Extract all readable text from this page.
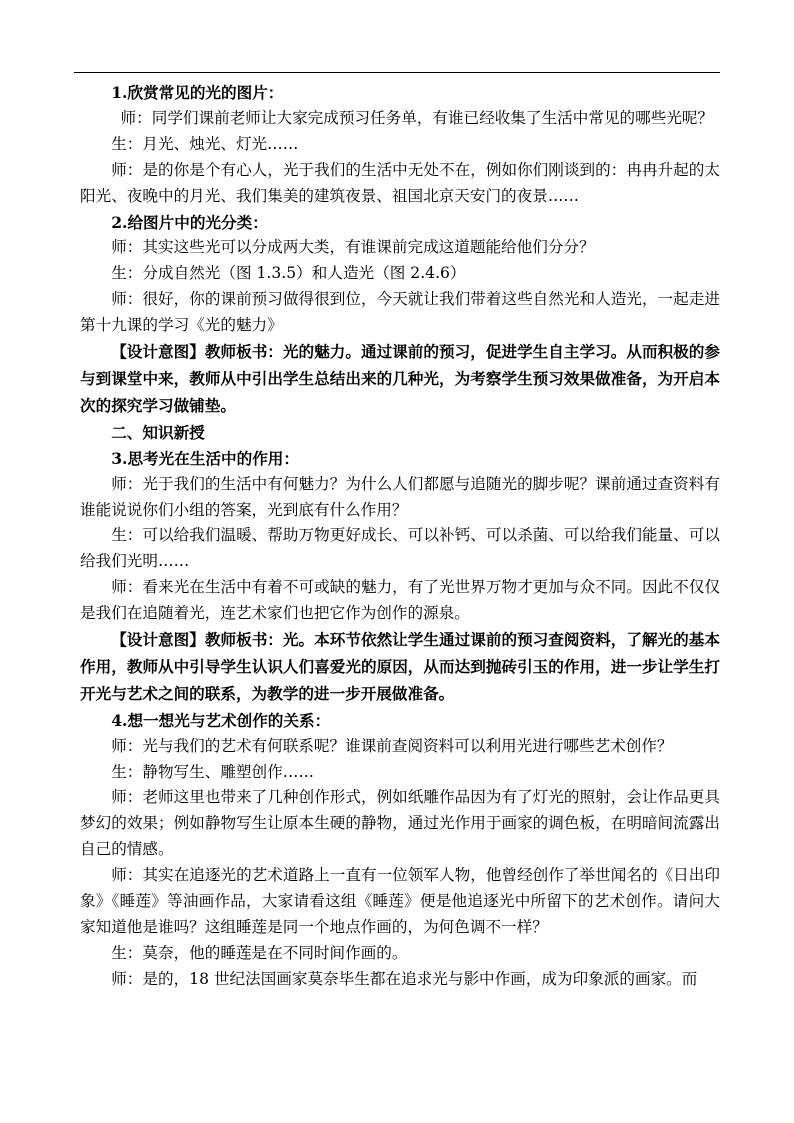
1.欣赏常见的光的图片：

师：同学们课前老师让大家完成预习任务单，有谁已经收集了生活中常见的哪些光呢？

生：月光、烛光、灯光……

师：是的你是个有心人，光于我们的生活中无处不在，例如你们刚谈到的：冉冉升起的太阳光、夜晚中的月光、我们集美的建筑夜景、祖国北京天安门的夜景……

2.给图片中的光分类：

师：其实这些光可以分成两大类，有谁课前完成这道题能给他们分分？

生：分成自然光（图 1.3.5）和人造光（图 2.4.6）

师：很好，你的课前预习做得很到位，今天就让我们带着这些自然光和人造光，一起走进第十九课的学习《光的魅力》

【设计意图】教师板书：光的魅力。通过课前的预习，促进学生自主学习。从而积极的参与到课堂中来，教师从中引出学生总结出来的几种光，为考察学生预习效果做准备，为开启本次的探究学习做铺垫。

二、知识新授

3.思考光在生活中的作用：

师：光于我们的生活中有何魅力？为什么人们都愿与追随光的脚步呢？课前通过查资料有谁能说说你们小组的答案，光到底有什么作用？

生：可以给我们温暖、帮助万物更好成长、可以补钙、可以杀菌、可以给我们能量、可以给我们光明……

师：看来光在生活中有着不可或缺的魅力，有了光世界万物才更加与众不同。因此不仅仅是我们在追随着光，连艺术家们也把它作为创作的源泉。

【设计意图】教师板书：光。本环节依然让学生通过课前的预习查阅资料，了解光的基本作用，教师从中引导学生认识人们喜爱光的原因，从而达到抛砖引玉的作用，进一步让学生打开光与艺术之间的联系，为教学的进一步开展做准备。

4.想一想光与艺术创作的关系：

师：光与我们的艺术有何联系呢？谁课前查阅资料可以利用光进行哪些艺术创作？

生：静物写生、雕塑创作……

师：老师这里也带来了几种创作形式，例如纸雕作品因为有了灯光的照射，会让作品更具梦幻的效果；例如静物写生让原本生硬的静物，通过光作用于画家的调色板，在明暗间流露出自己的情感。

师：其实在追逐光的艺术道路上一直有一位领军人物，他曾经创作了举世闻名的《日出印象》《睡莲》等油画作品，大家请看这组《睡莲》便是他追逐光中所留下的艺术创作。请问大家知道他是谁吗？这组睡莲是同一个地点作画的，为何色调不一样？

生：莫奈，他的睡莲是在不同时间作画的。

师：是的，18 世纪法国画家莫奈毕生都在追求光与影中作画，成为印象派的画家。而
